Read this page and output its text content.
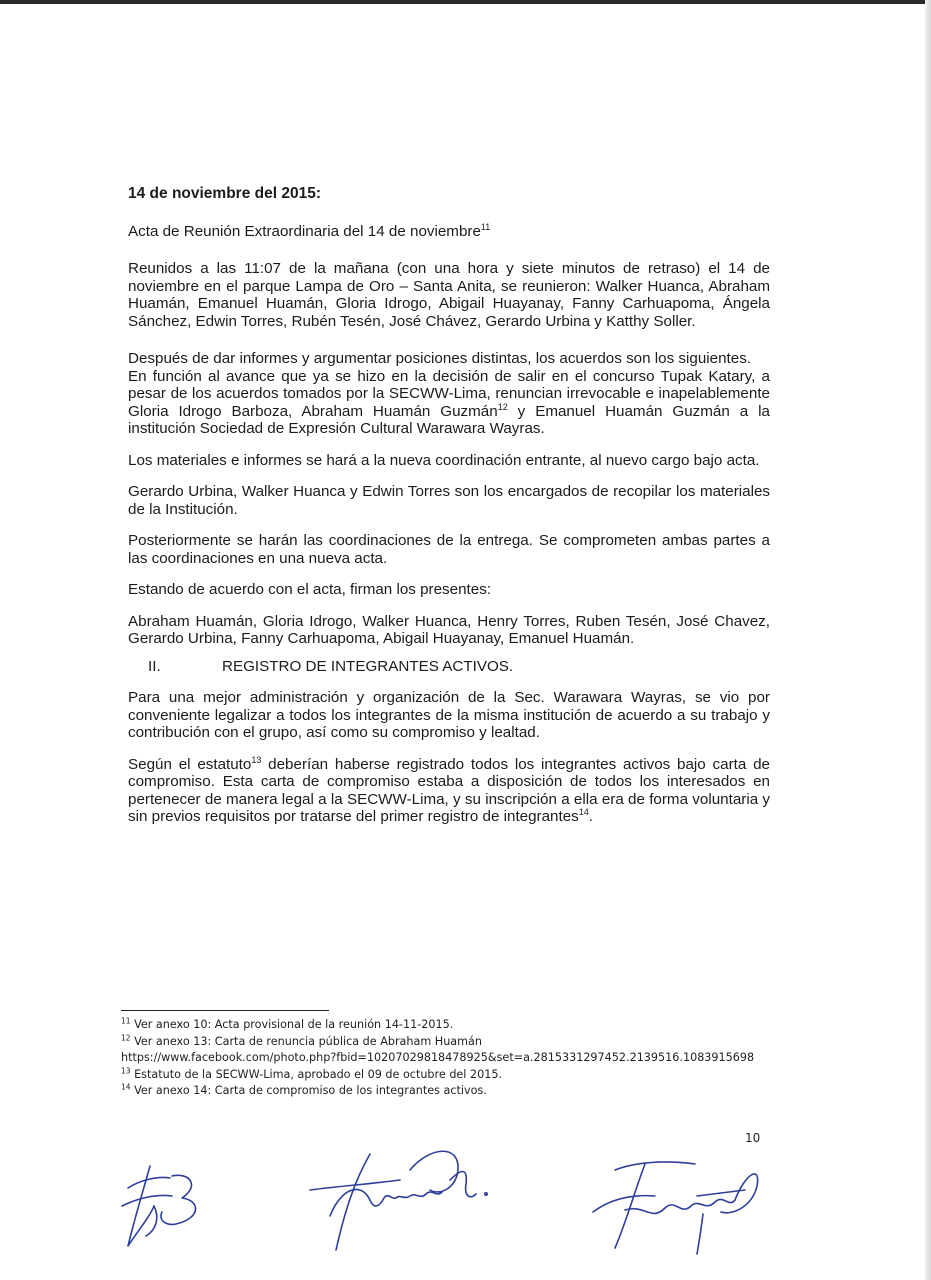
14 de noviembre del 2015:

Acta de Reunión Extraordinaria del 14 de noviembre$^{11}$

Reunidos a las 11:07 de la mañana (con una hora y siete minutos de retraso) el 14 de noviembre en el parque Lampa de Oro – Santa Anita, se reunieron: Walker Huanca, Abraham Huamán, Emanuel Huamán, Gloria Idrogo, Abigail Huayanay, Fanny Carhuapoma, Ángela Sánchez, Edwin Torres, Rubén Tesén, José Chávez, Gerardo Urbina y Katthy Soller.

Después de dar informes y argumentar posiciones distintas, los acuerdos son los siguientes.

En función al avance que ya se hizo en la decisión de salir en el concurso Tupak Katary, a pesar de los acuerdos tomados por la SECWW-Lima, renuncian irrevocable e inapelablemente Gloria Idrogo Barboza, Abraham Huamán Guzmán$^{12}$ y Emanuel Huamán Guzmán a la institución Sociedad de Expresión Cultural Warawara Wayras.

Los materiales e informes se hará a la nueva coordinación entrante, al nuevo cargo bajo acta.

Gerardo Urbina, Walker Huanca y Edwin Torres son los encargados de recopilar los materiales de la Institución.

Posteriormente se harán las coordinaciones de la entrega. Se comprometen ambas partes a las coordinaciones en una nueva acta.

Estando de acuerdo con el acta, firman los presentes:

Abraham Huamán, Gloria Idrogo, Walker Huanca, Henry Torres, Ruben Tesén, José Chavez, Gerardo Urbina, Fanny Carhuapoma, Abigail Huayanay, Emanuel Huamán.

II.	REGISTRO DE INTEGRANTES ACTIVOS.

Para una mejor administración y organización de la Sec. Warawara Wayras, se vio por conveniente legalizar a todos los integrantes de la misma institución de acuerdo a su trabajo y contribución con el grupo, así como su compromiso y lealtad.

Según el estatuto$^{13}$ deberían haberse registrado todos los integrantes activos bajo carta de compromiso. Esta carta de compromiso estaba a disposición de todos los interesados en pertenecer de manera legal a la SECWW-Lima, y su inscripción a ella era de forma voluntaria y sin previos requisitos por tratarse del primer registro de integrantes$^{14}$.

$^{11}$ Ver anexo 10: Acta provisional de la reunión 14-11-2015.
$^{12}$ Ver anexo 13: Carta de renuncia pública de Abraham Huamán
https://www.facebook.com/photo.php?fbid=10207029818478925&set=a.2815331297452.2139516.1083915698
$^{13}$ Estatuto de la SECWW-Lima, aprobado el 09 de octubre del 2015.
$^{14}$ Ver anexo 14: Carta de compromiso de los integrantes activos.
10
